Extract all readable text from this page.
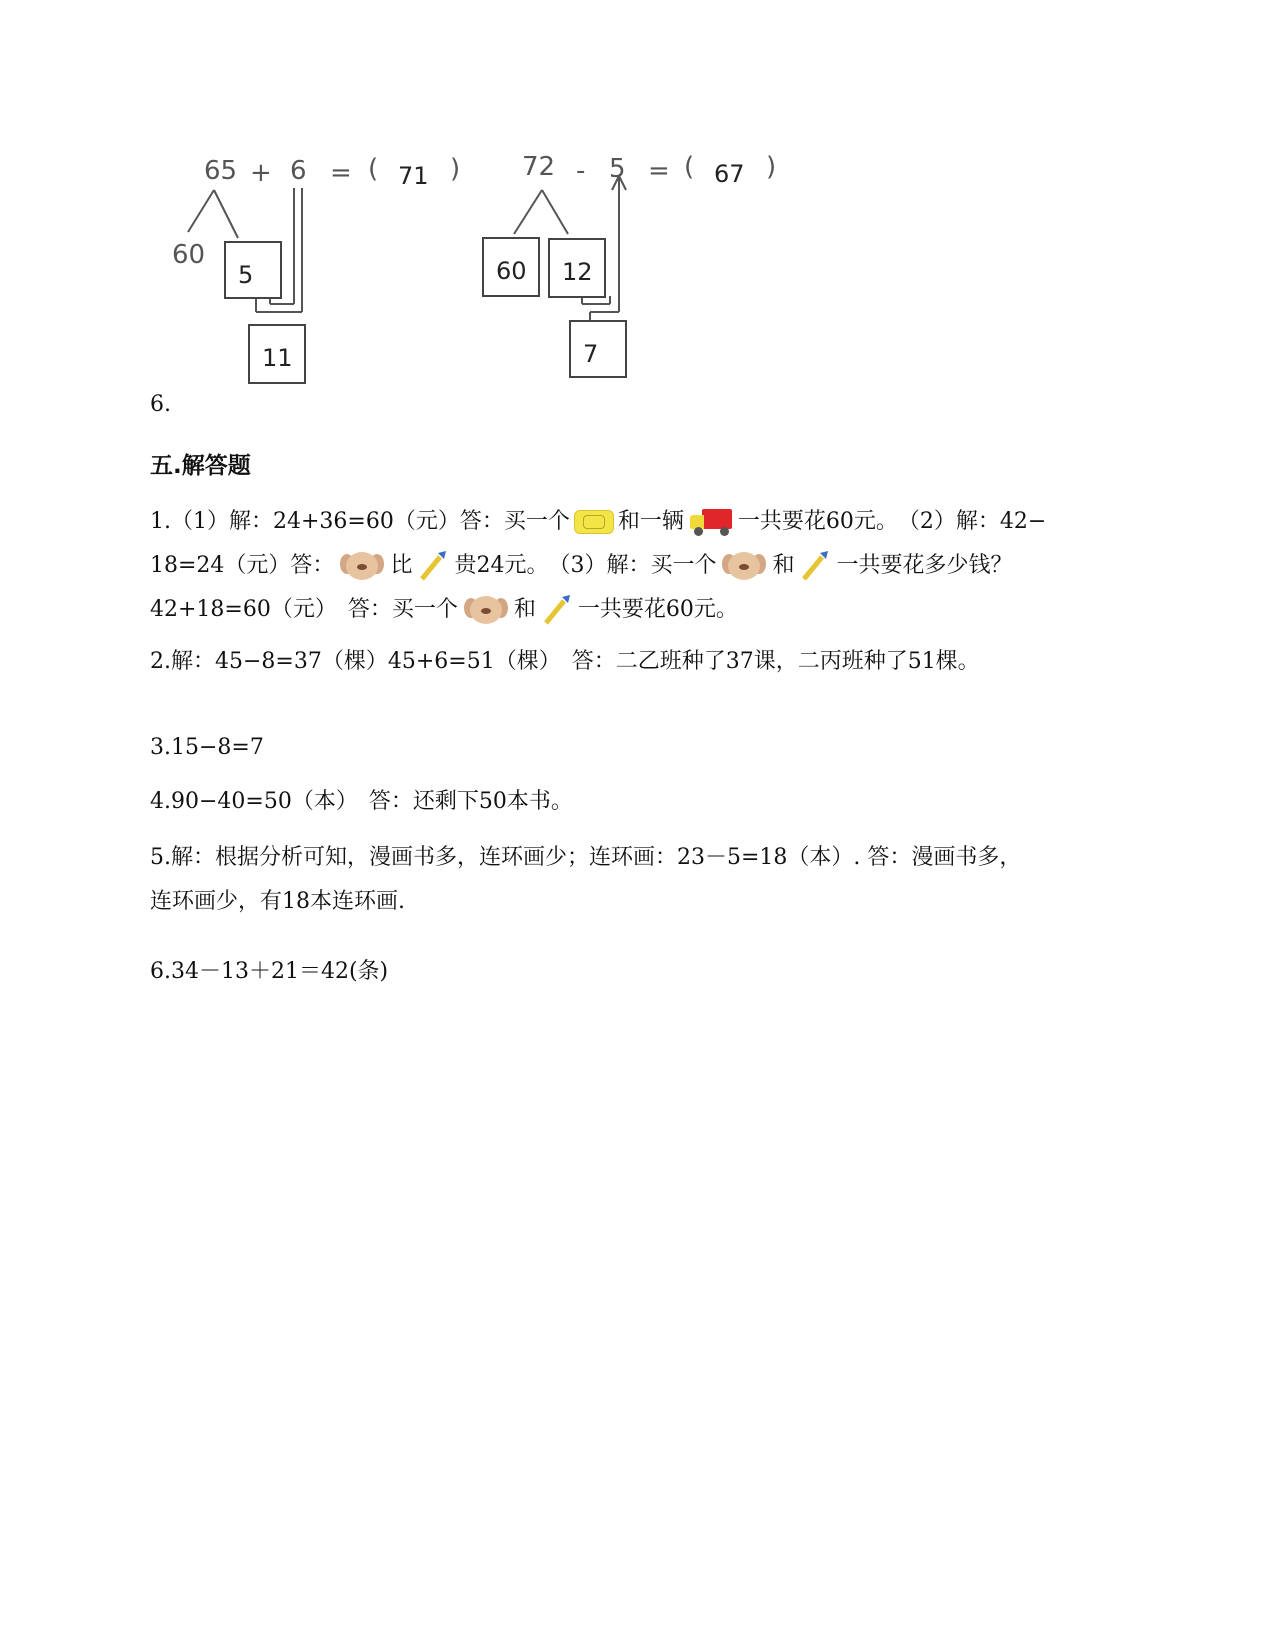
65 + 6 = ( 71 )
60
5
11
72 - 5 = ( 67 )
60 12
7
6.
五.解答题
1.（1）解：24+36=60（元）答：买一个 和一辆 一共要花60元。　（2）解：42−
18=24（元）答：	比 贵24元。　（3）解：买一个	和 一共要花多少钱？
42+18=60（元）　答：买一个	和 一共要花60元。
2.解：45−8=37（棵）45+6=51（棵）　答：二乙班种了37课，二丙班种了51棵。
3.15−8=7
4.90−40=50（本）　答：还剩下50本书。
5.解：根据分析可知，漫画书多，连环画少；连环画：23－5=18（本）. 答：漫画书多，
连环画少，有18本连环画.
6.34－13＋21＝42(条)
